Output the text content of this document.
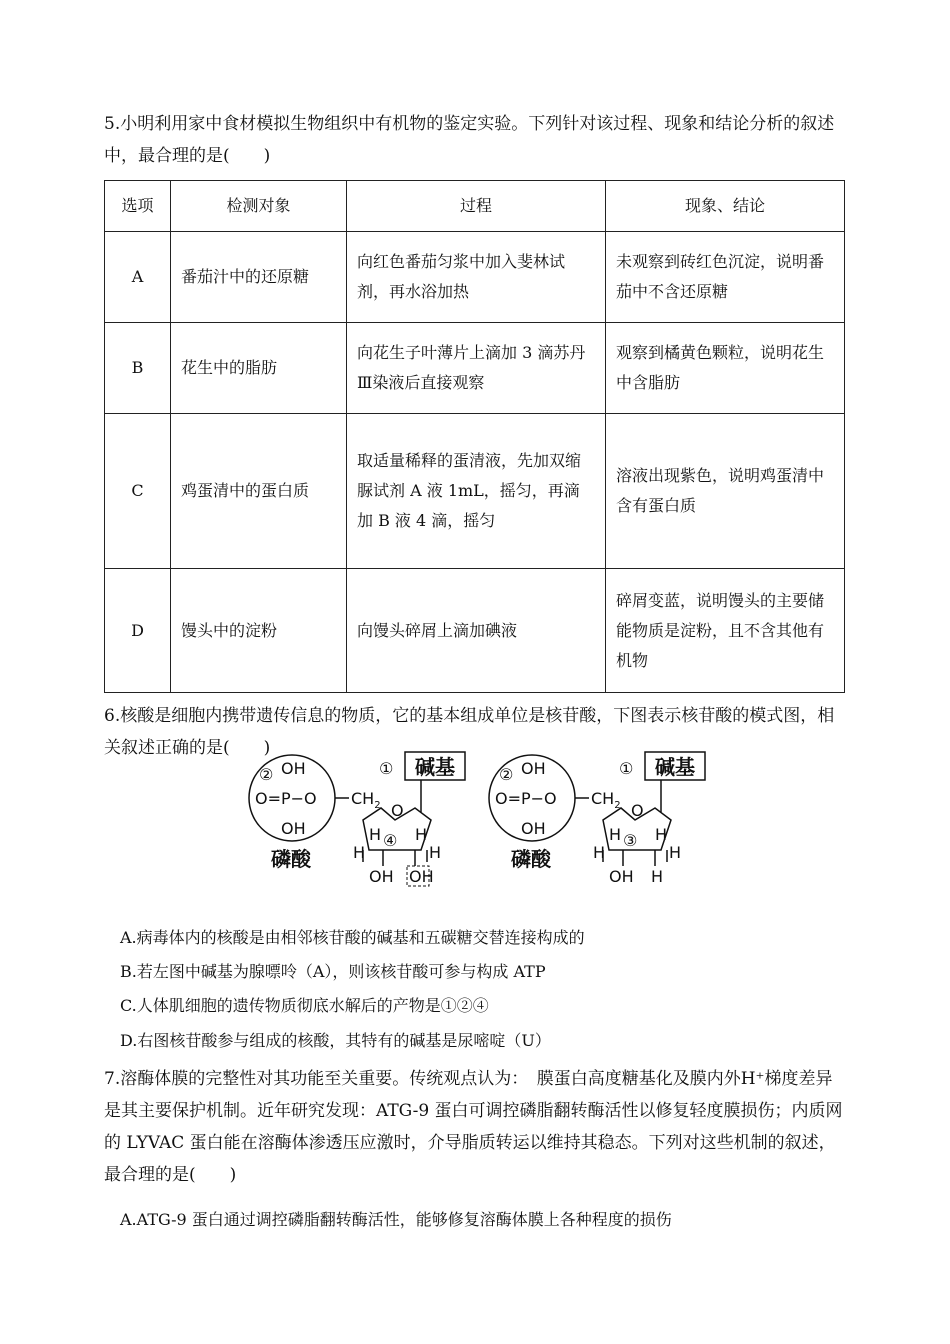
5.小明利用家中食材模拟生物组织中有机物的鉴定实验。下列针对该过程、现象和结论分析的叙述中，最合理的是(　　)

选项	检测对象	过程	现象、结论
A	番茄汁中的还原糖	向红色番茄匀浆中加入斐林试剂，再水浴加热	未观察到砖红色沉淀，说明番茄中不含还原糖
B	花生中的脂肪	向花生子叶薄片上滴加 3 滴苏丹Ⅲ染液后直接观察	观察到橘黄色颗粒，说明花生中含脂肪
C	鸡蛋清中的蛋白质	取适量稀释的蛋清液，先加双缩脲试剂 A 液 1mL，摇匀，再滴加 B 液 4 滴，摇匀	溶液出现紫色，说明鸡蛋清中含有蛋白质
D	馒头中的淀粉	向馒头碎屑上滴加碘液	碎屑变蓝，说明馒头的主要储能物质是淀粉，且不含其他有机物

6.核酸是细胞内携带遗传信息的物质，它的基本组成单位是核苷酸，下图表示核苷酸的模式图，相关叙述正确的是(　　)

② OH
O=P−O
OH
$CH_2$ O
碱基
①
H ④ H
H	H
OH OH
磷酸
② OH
O=P−O
OH
$CH_2$ O
碱基
①
H ③ H
H	H
OH H
磷酸

A.病毒体内的核酸是由相邻核苷酸的碱基和五碳糖交替连接构成的

B.若左图中碱基为腺嘌呤（A），则该核苷酸可参与构成 ATP

C.人体肌细胞的遗传物质彻底水解后的产物是①②④

D.右图核苷酸参与组成的核酸，其特有的碱基是尿嘧啶（U）

7.溶酶体膜的完整性对其功能至关重要。传统观点认为：　膜蛋白高度糖基化及膜内外H⁺梯度差异是其主要保护机制。近年研究发现：ATG-9 蛋白可调控磷脂翻转酶活性以修复轻度膜损伤；内质网的 LYVAC 蛋白能在溶酶体渗透压应激时，介导脂质转运以维持其稳态。下列对这些机制的叙述，最合理的是(　　)

A.ATG-9 蛋白通过调控磷脂翻转酶活性，能够修复溶酶体膜上各种程度的损伤
